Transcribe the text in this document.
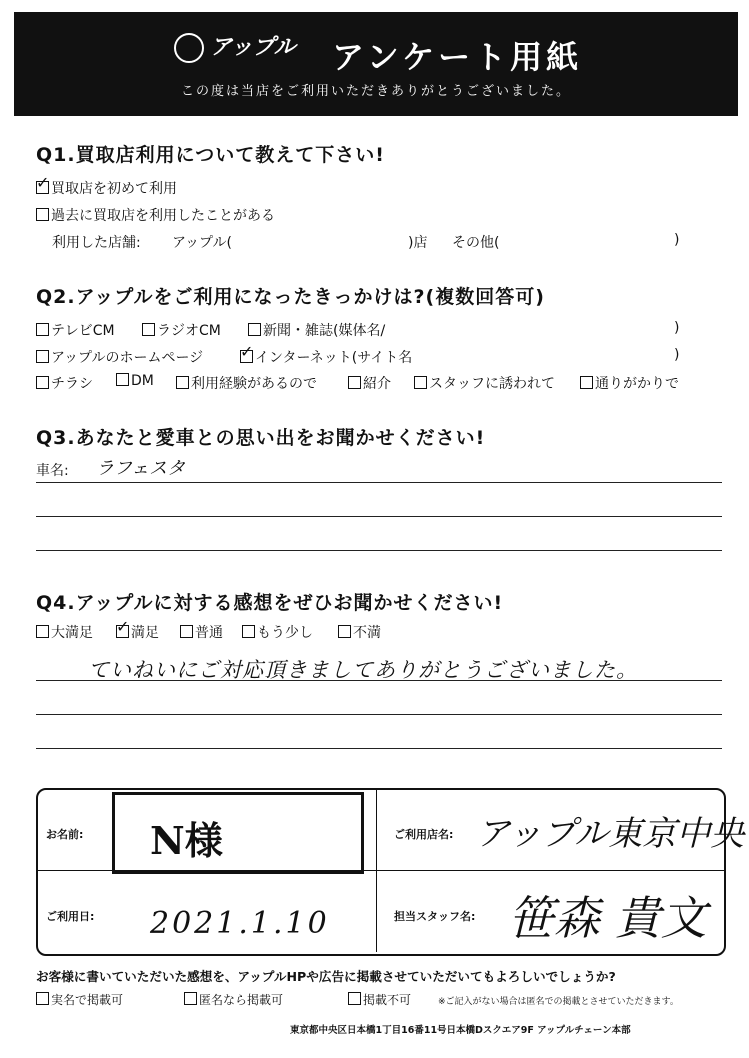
アップル アンケート用紙
この度は当店をご利用いただきありがとうございました。
Q1.買取店利用について教えて下さい!
✓買取店を初めて利用
過去に買取店を利用したことがある
利用した店舗: アップル(	)店 その他(	)
Q2.アップルをご利用になったきっかけは?(複数回答可)
テレビCM	ラジオCM	新聞・雑誌(媒体名/	)
アップルのホームページ ✓	インターネット(サイト名	)
チラシ	DM	利用経験があるので	紹介	スタッフに誘われて	通りがかりで
Q3.あなたと愛車との思い出をお聞かせください!
車名: ラフェスタ
Q4.アップルに対する感想をぜひお聞かせください!
大満足 ✓	満足	普通	もう少し	不満
ていねいにご対応頂きましてありがとうございました。
お名前: N様	ご利用店名: アップル東京中央
ご利用日: 2021.1.10	担当スタッフ名: 笹森 貴文
お客様に書いていただいた感想を、アップルHPや広告に掲載させていただいてもよろしいでしょうか?
実名で掲載可	匿名なら掲載可	掲載不可	※ご記入がない場合は匿名での掲載とさせていただきます。
東京都中央区日本橋1丁目16番11号日本橋Dスクエア9F アップルチェーン本部
